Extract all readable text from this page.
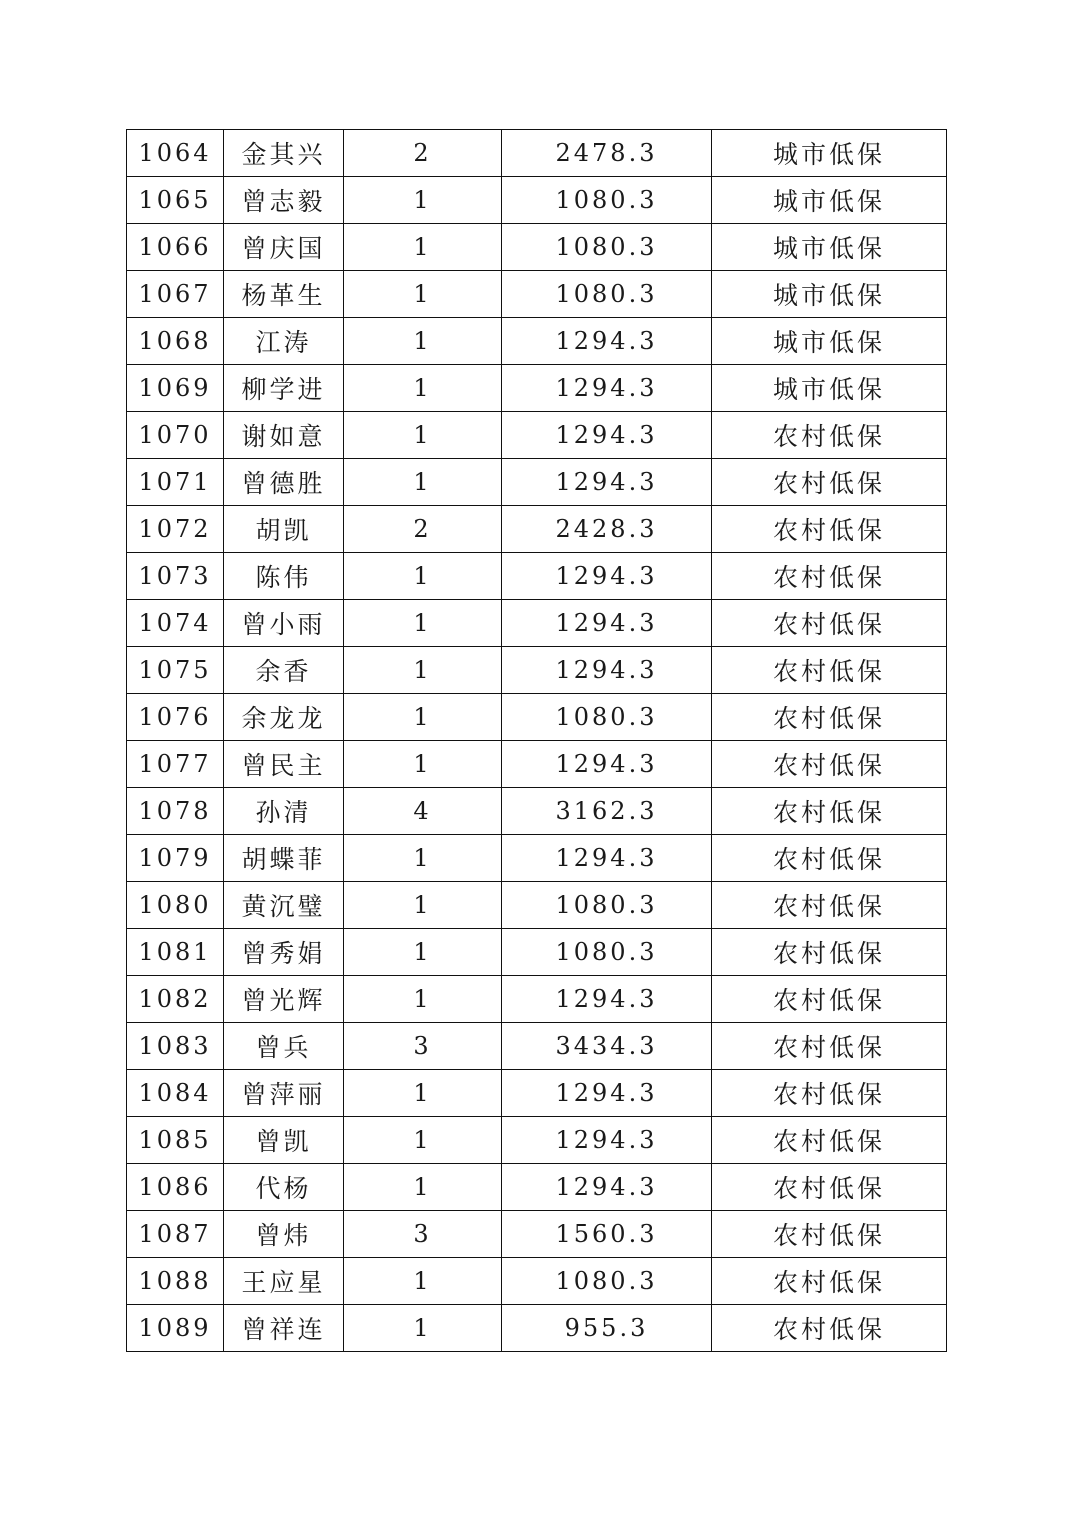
1064	金其兴	2	2478.3	城市低保
1065	曾志毅	1	1080.3	城市低保
1066	曾庆国	1	1080.3	城市低保
1067	杨革生	1	1080.3	城市低保
1068	江涛	1	1294.3	城市低保
1069	柳学进	1	1294.3	城市低保
1070	谢如意	1	1294.3	农村低保
1071	曾德胜	1	1294.3	农村低保
1072	胡凯	2	2428.3	农村低保
1073	陈伟	1	1294.3	农村低保
1074	曾小雨	1	1294.3	农村低保
1075	余香	1	1294.3	农村低保
1076	余龙龙	1	1080.3	农村低保
1077	曾民主	1	1294.3	农村低保
1078	孙清	4	3162.3	农村低保
1079	胡蝶菲	1	1294.3	农村低保
1080	黄沉璧	1	1080.3	农村低保
1081	曾秀娟	1	1080.3	农村低保
1082	曾光辉	1	1294.3	农村低保
1083	曾兵	3	3434.3	农村低保
1084	曾萍丽	1	1294.3	农村低保
1085	曾凯	1	1294.3	农村低保
1086	代杨	1	1294.3	农村低保
1087	曾炜	3	1560.3	农村低保
1088	王应星	1	1080.3	农村低保
1089	曾祥连	1	955.3	农村低保
